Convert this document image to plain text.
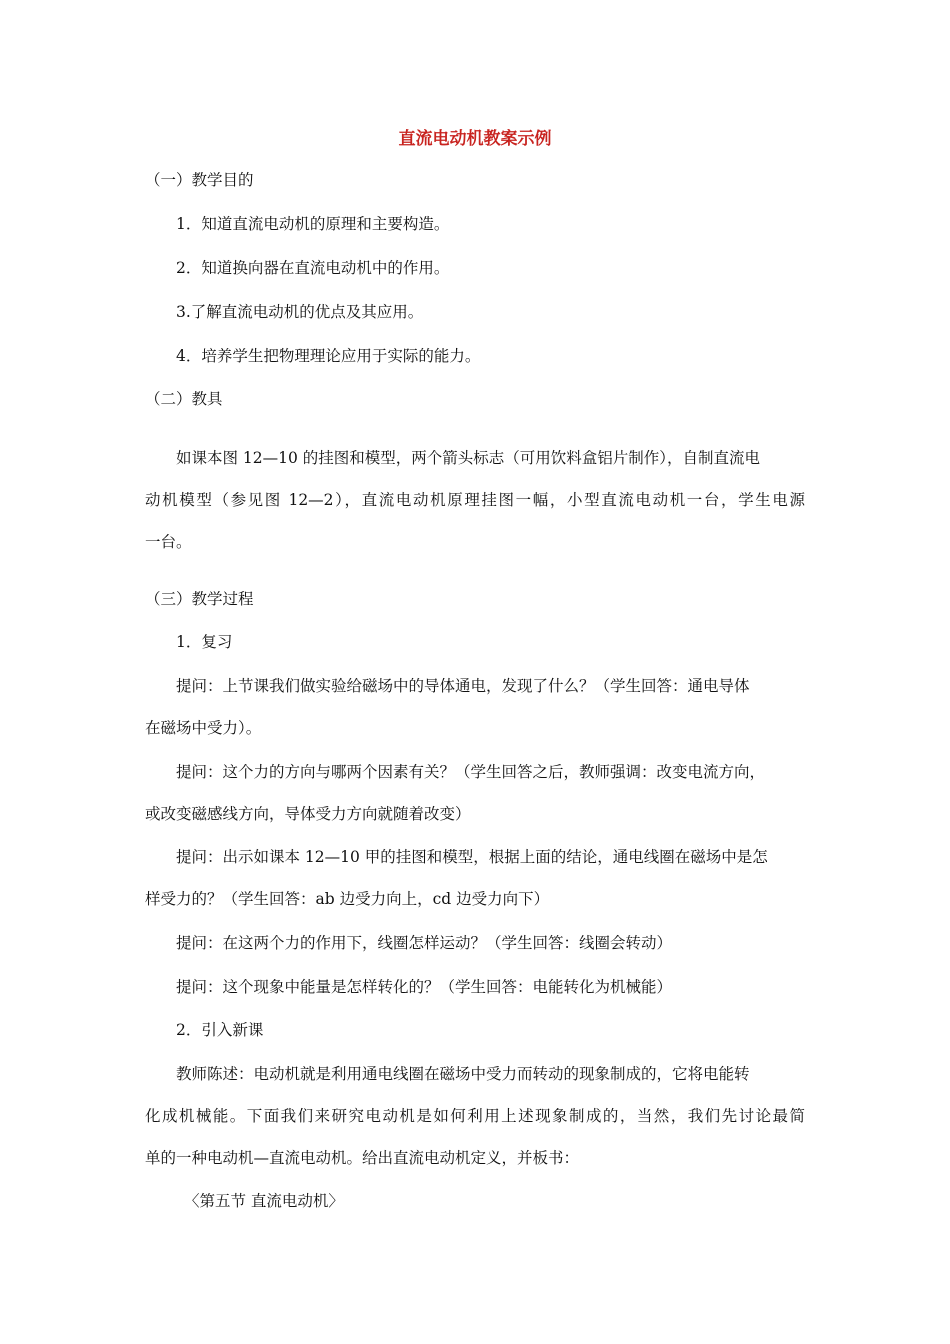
直流电动机教案示例
（一）教学目的
1．知道直流电动机的原理和主要构造。
2．知道换向器在直流电动机中的作用。
3.了解直流电动机的优点及其应用。
4．培养学生把物理理论应用于实际的能力。
（二）教具
如课本图 12—10 的挂图和模型，两个箭头标志（可用饮料盒铝片制作），自制直流电
动机模型（参见图 12—2），直流电动机原理挂图一幅，小型直流电动机一台，学生电源
一台。
（三）教学过程
1．复习
提问：上节课我们做实验给磁场中的导体通电，发现了什么？（学生回答：通电导体
在磁场中受力）。
提问：这个力的方向与哪两个因素有关？（学生回答之后，教师强调：改变电流方向，
或改变磁感线方向，导体受力方向就随着改变）
提问：出示如课本 12—10 甲的挂图和模型，根据上面的结论，通电线圈在磁场中是怎
样受力的？（学生回答：ab 边受力向上，cd 边受力向下）
提问：在这两个力的作用下，线圈怎样运动？（学生回答：线圈会转动）
提问：这个现象中能量是怎样转化的？（学生回答：电能转化为机械能）
2．引入新课
教师陈述：电动机就是利用通电线圈在磁场中受力而转动的现象制成的，它将电能转
化成机械能。下面我们来研究电动机是如何利用上述现象制成的，当然，我们先讨论最简
单的一种电动机—直流电动机。给出直流电动机定义，并板书：
〈第五节 直流电动机〉
